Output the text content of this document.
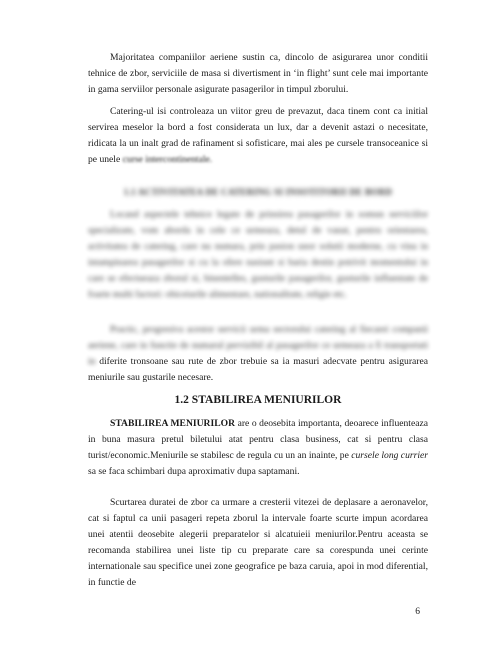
Majoritatea companiilor aeriene sustin ca, dincolo de asigurarea unor conditii tehnice de zbor, serviciile de masa si divertisment in ‘in flight’ sunt cele mai importante in gama serviilor personale asigurate pasagerilor in timpul zborului.

Catering-ul isi controleaza un viitor greu de prevazut, daca tinem cont ca initial servirea meselor la bord a fost considerata un lux, dar a devenit astazi o necesitate, ridicata la un inalt grad de rafinament si sofisticare, mai ales pe cursele transoceanice si pe unele curse intercontinentale.

1.1 ACTIVITATEA DE CATERING SI INSOTITORII DE BORD

Locand aspectele tehnice legate de prinsirea pasagerilor in somun serviciilor specializate, vom aborda in cele ce urmeaza, detul de vanat, pentru orientarea, activitatea de catering, care nu numara, prin pasion unor solutii moderne, cu vina in intampinarea pasagerilor si cu la ofere nasiunt si baria destin potrivit momentului in care se efectueaza zborul si, binentelles, gusturile pasagerilor, gusturile influentate de foarte multi factori: obiceiurile alimentare, nationalitate, religie etc.

Practic, progresiva acestor servicii urma sectorului catering al fiecarei companii aeriene, care in functie de numarul pervizibil al pasagerilor ce urmeaza a fi transportati in diferite tronsoane sau rute de zbor trebuie sa ia masuri adecvate pentru asigurarea meniurile sau gustarile necesare.

1.2 STABILIREA MENIURILOR

STABILIREA MENIURILOR are o deosebita importanta, deoarece influenteaza in buna masura pretul biletului atat pentru clasa business, cat si pentru clasa turist/economic.Meniurile se stabilesc de regula cu un an inainte, pe cursele long currier sa se faca schimbari dupa aproximativ dupa saptamani.

Scurtarea duratei de zbor ca urmare a cresterii vitezei de deplasare a aeronavelor, cat si faptul ca unii pasageri repeta zborul la intervale foarte scurte impun acordarea unei atentii deosebite alegerii preparatelor si alcatuieii meniurilor.Pentru aceasta se recomanda stabilirea unei liste tip cu preparate care sa corespunda unei cerinte internationale sau specifice unei zone geografice pe baza caruia, apoi in mod diferential, in functie de

6
